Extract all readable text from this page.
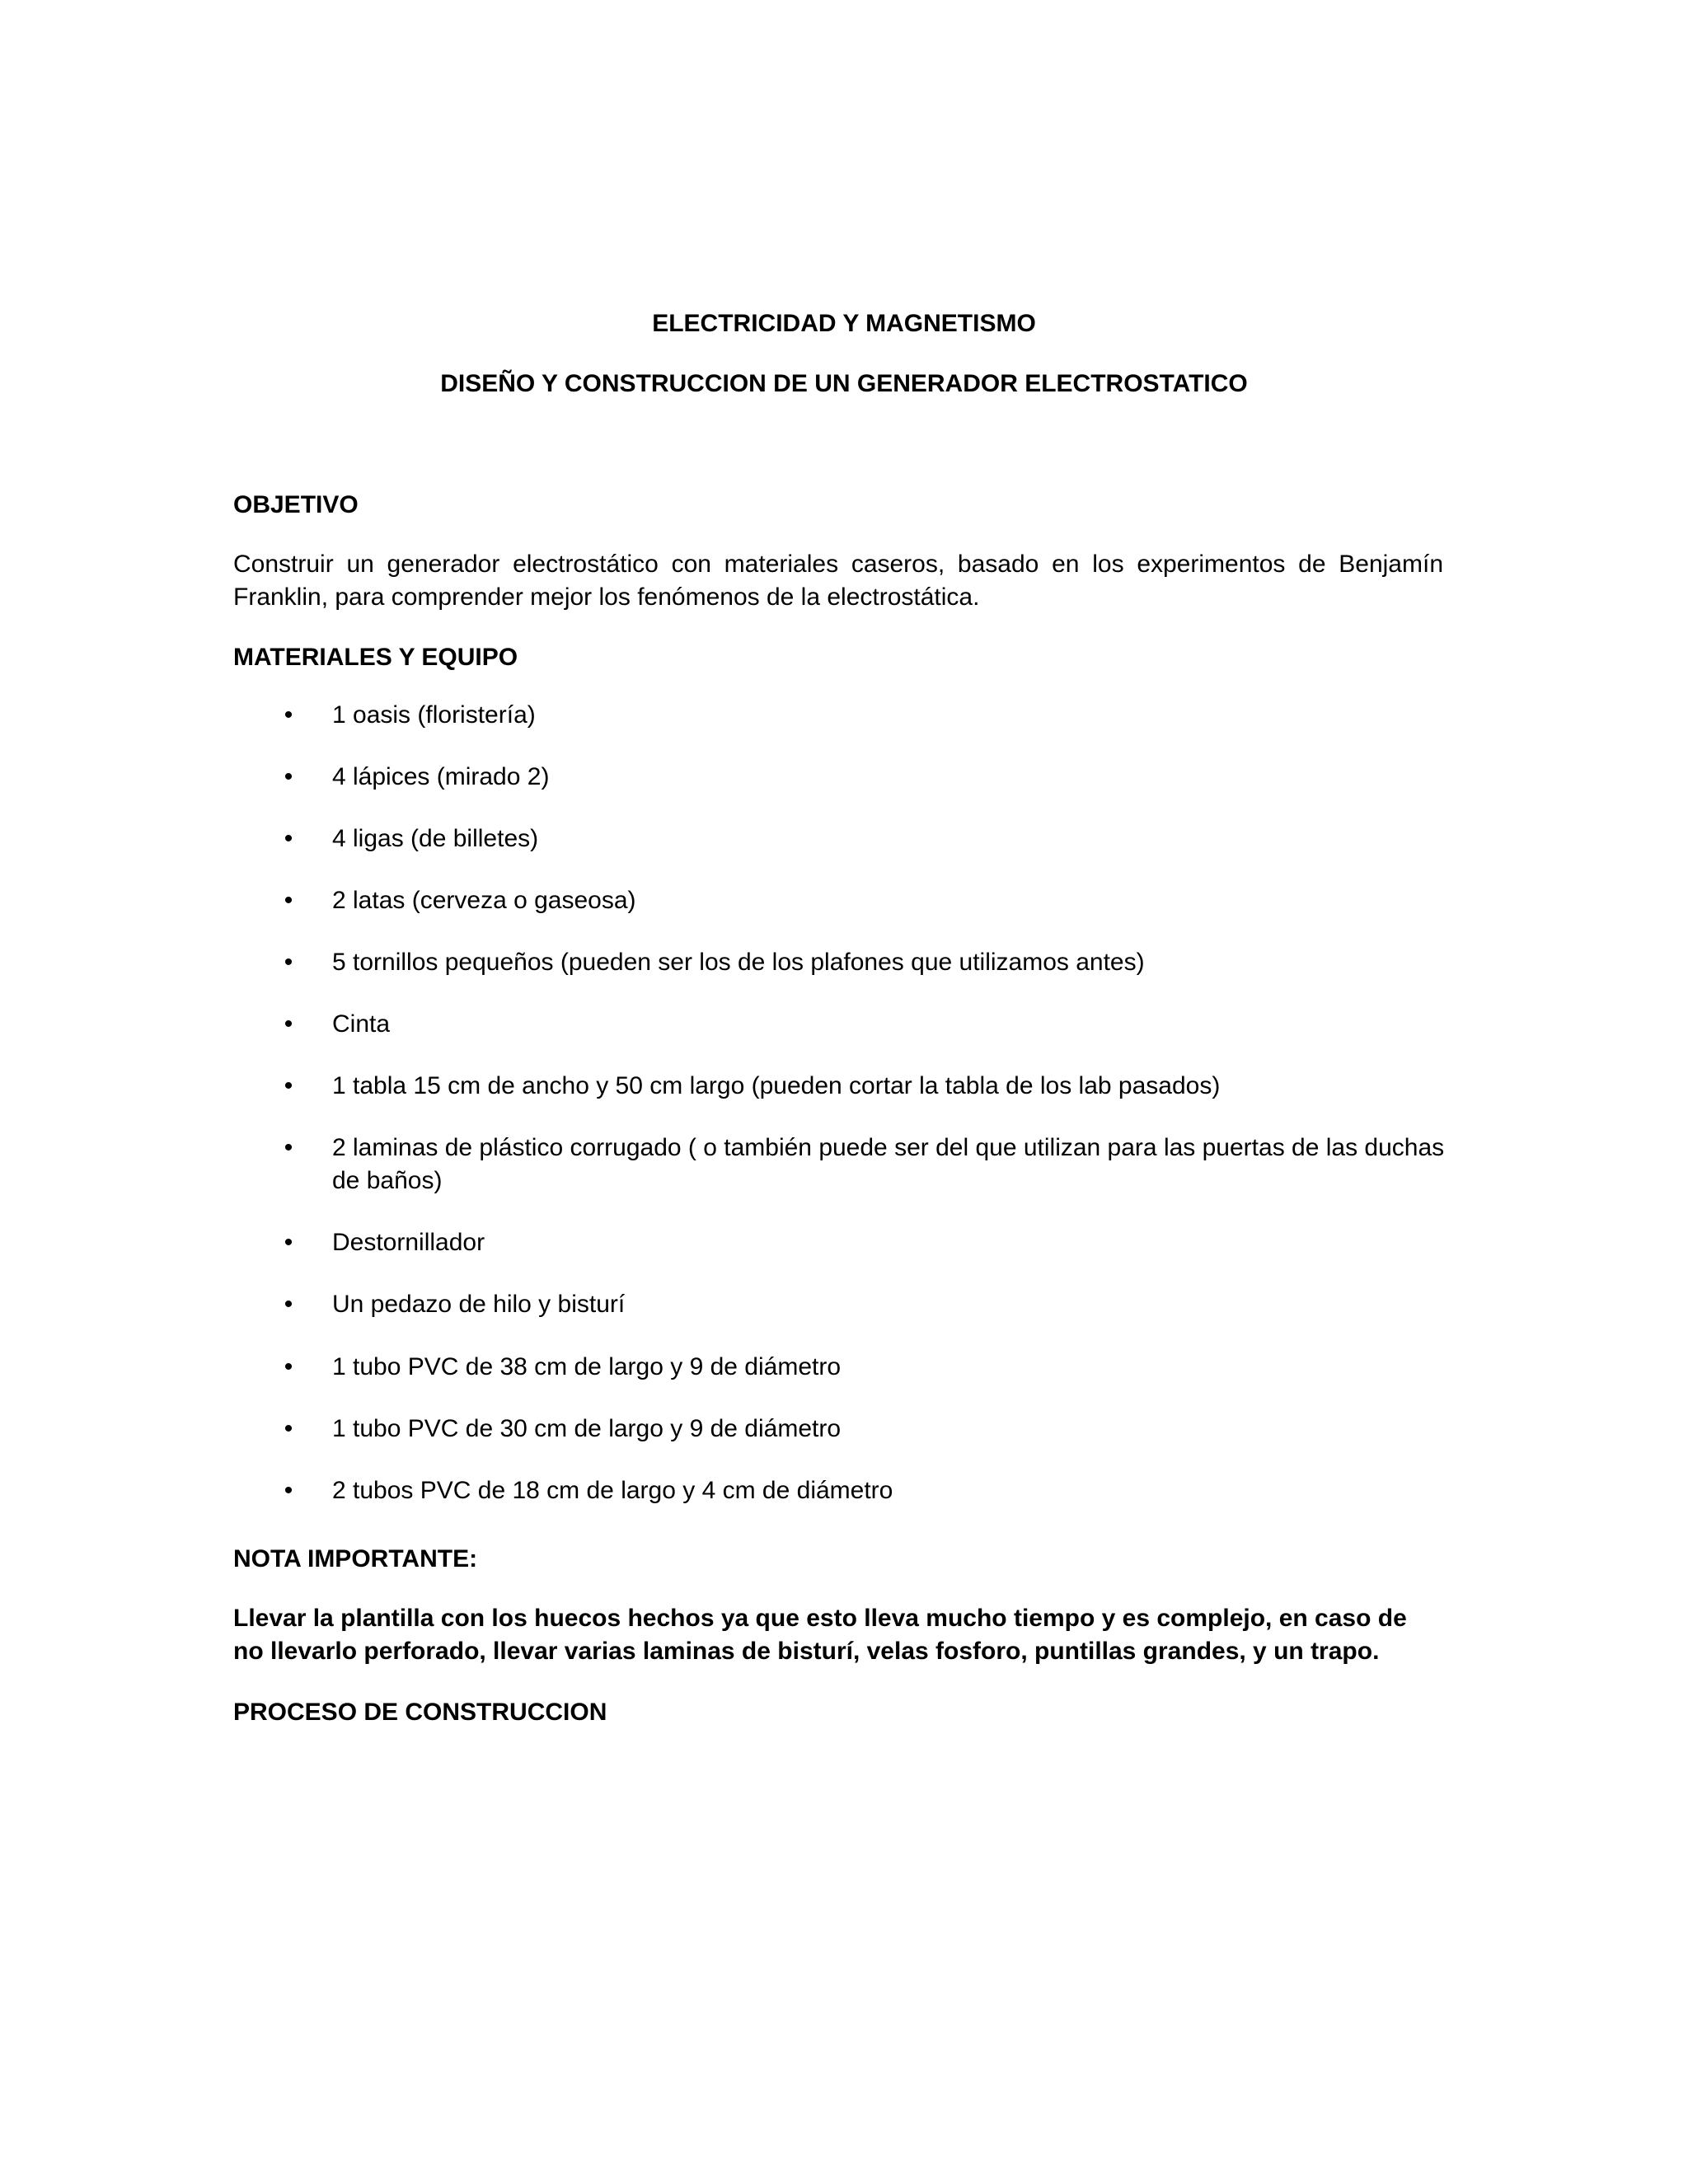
ELECTRICIDAD Y MAGNETISMO
DISEÑO Y CONSTRUCCION DE UN GENERADOR ELECTROSTATICO
OBJETIVO

Construir un generador electrostático con materiales caseros, basado en los experimentos de Benjamín Franklin, para comprender mejor los fenómenos de la electrostática.

MATERIALES Y EQUIPO
• 1 oasis (floristería)
• 4 lápices (mirado 2)
• 4 ligas (de billetes)
• 2 latas (cerveza o gaseosa)
• 5 tornillos pequeños (pueden ser los de los plafones que utilizamos antes)
• Cinta
• 1 tabla 15 cm de ancho y 50 cm largo (pueden cortar la tabla de los lab pasados)
• 2 laminas de plástico corrugado ( o también puede ser del que utilizan para las puertas de las duchas de baños)
• Destornillador
• Un pedazo de hilo y bisturí
• 1 tubo PVC de 38 cm de largo y 9 de diámetro
• 1 tubo PVC de 30 cm de largo y 9 de diámetro
• 2 tubos PVC de 18 cm de largo y 4 cm de diámetro
NOTA IMPORTANTE:

Llevar la plantilla con los huecos hechos ya que esto lleva mucho tiempo y es complejo, en caso de no llevarlo perforado, llevar varias laminas de bisturí, velas fosforo, puntillas grandes, y un trapo.

PROCESO DE CONSTRUCCION
